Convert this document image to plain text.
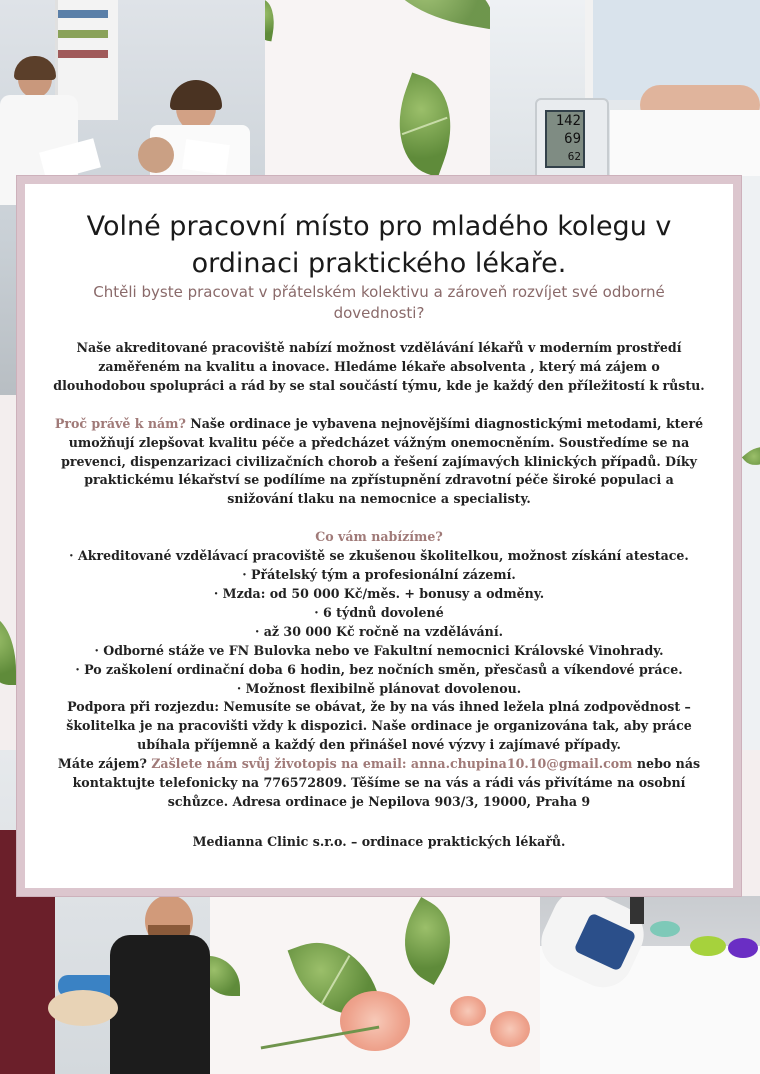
142
69
62
Volné pracovní místo pro mladého kolegu v ordinaci praktického lékaře.
Chtěli byste pracovat v přátelském kolektivu a zároveň rozvíjet své odborné dovednosti?

Naše akreditované pracoviště nabízí možnost vzdělávání lékařů v moderním prostředí zaměřeném na kvalitu a inovace. Hledáme lékaře absolventa , který má zájem o dlouhodobou spolupráci a rád by se stal součástí týmu, kde je každý den příležitostí k růstu.

Proč právě k nám? Naše ordinace je vybavena nejnovějšími diagnostickými metodami, které umožňují zlepšovat kvalitu péče a předcházet vážným onemocněním. Soustředíme se na prevenci, dispenzarizaci civilizačních chorob a řešení zajímavých klinických případů. Díky praktickému lékařství se podílíme na zpřístupnění zdravotní péče široké populaci a snižování tlaku na nemocnice a specialisty.

Co vám nabízíme?

· Akreditované vzdělávací pracoviště se zkušenou školitelkou, možnost získání atestace.

· Přátelský tým a profesionální zázemí.

· Mzda: od 50 000 Kč/měs. + bonusy a odměny.

· 6 týdnů dovolené

· až 30 000 Kč ročně na vzdělávání.

· Odborné stáže ve FN Bulovka nebo ve Fakultní nemocnici Královské Vinohrady.

· Po zaškolení ordinační doba 6 hodin, bez nočních směn, přesčasů a víkendové práce.

· Možnost flexibilně plánovat dovolenou.

Podpora při rozjezdu: Nemusíte se obávat, že by na vás ihned ležela plná zodpovědnost – školitelka je na pracovišti vždy k dispozici. Naše ordinace je organizována tak, aby práce ubíhala příjemně a každý den přinášel nové výzvy i zajímavé případy.

Máte zájem? Zašlete nám svůj životopis na email: anna.chupina10.10@gmail.com nebo nás kontaktujte telefonicky na 776572809. Těšíme se na vás a rádi vás přivítáme na osobní schůzce. Adresa ordinace je Nepilova 903/3, 19000, Praha 9

Medianna Clinic s.r.o. – ordinace praktických lékařů.
